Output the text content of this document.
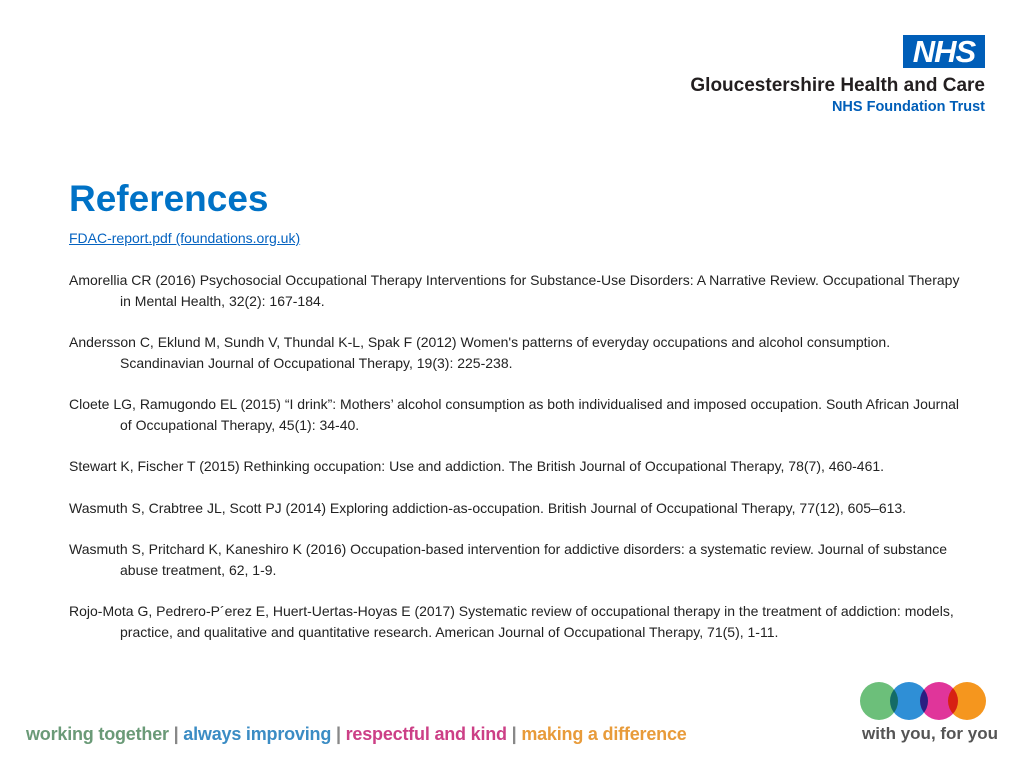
NHS
Gloucestershire Health and Care
NHS Foundation Trust
References
FDAC-report.pdf (foundations.org.uk)

Amorellia CR (2016) Psychosocial Occupational Therapy Interventions for Substance-Use Disorders: A Narrative Review. Occupational Therapy in Mental Health, 32(2): 167-184.

Andersson C, Eklund M, Sundh V, Thundal K-L, Spak F (2012) Women's patterns of everyday occupations and alcohol consumption. Scandinavian Journal of Occupational Therapy, 19(3): 225-238.

Cloete LG, Ramugondo EL (2015) “I drink”: Mothers’ alcohol consumption as both individualised and imposed occupation. South African Journal of Occupational Therapy, 45(1): 34-40.

Stewart K, Fischer T (2015) Rethinking occupation: Use and addiction. The British Journal of Occupational Therapy, 78(7), 460-461.

Wasmuth S, Crabtree JL, Scott PJ (2014) Exploring addiction-as-occupation. British Journal of Occupational Therapy, 77(12), 605–613.

Wasmuth S, Pritchard K, Kaneshiro K (2016) Occupation-based intervention for addictive disorders: a systematic review. Journal of substance abuse treatment, 62, 1-9.

Rojo-Mota G, Pedrero-P´erez E, Huert-Uertas-Hoyas E (2017) Systematic review of occupational therapy in the treatment of addiction: models, practice, and qualitative and quantitative research. American Journal of Occupational Therapy, 71(5), 1-11.

working together | always improving | respectful and kind | making a difference	with you, for you
